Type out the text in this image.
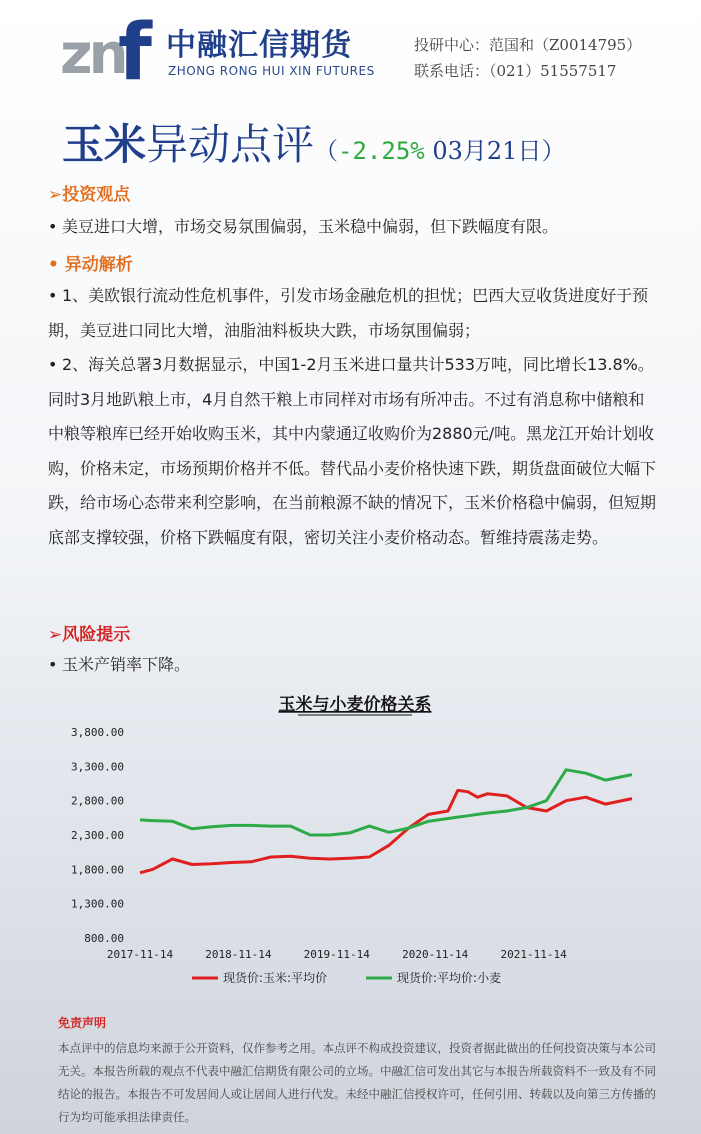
zn
f 中融汇信期货
ZHONG RONG HUI XIN FUTURES
投研中心：范国和（Z0014795）
联系电话：（021）51557517
玉米异动点评（-2.25% 03月21日）
➢投资观点
• 美豆进口大增，市场交易氛围偏弱，玉米稳中偏弱，但下跌幅度有限。
• 异动解析
• 1、美欧银行流动性危机事件，引发市场金融危机的担忧；巴西大豆收货进度好于预期，美豆进口同比大增，油脂油料板块大跌，市场氛围偏弱；
• 2、海关总署3月数据显示，中国1-2月玉米进口量共计533万吨，同比增长13.8%。同时3月地趴粮上市，4月自然干粮上市同样对市场有所冲击。不过有消息称中储粮和中粮等粮库已经开始收购玉米，其中内蒙通辽收购价为2880元/吨。黑龙江开始计划收购，价格未定，市场预期价格并不低。替代品小麦价格快速下跌，期货盘面破位大幅下跌，给市场心态带来利空影响，在当前粮源不缺的情况下，玉米价格稳中偏弱，但短期底部支撑较强，价格下跌幅度有限，密切关注小麦价格动态。暂维持震荡走势。
➢风险提示
• 玉米产销率下降。
玉米与小麦价格关系
3,800.00
3,300.00
2,800.00
2,300.00
1,800.00
1,300.00
800.00
2017-11-14	2018-11-14	2019-11-14	2020-11-14	2021-11-14
现货价:玉米:平均价	现货价:平均价:小麦
免责声明
本点评中的信息均来源于公开资料，仅作参考之用。本点评不构成投资建议，投资者据此做出的任何投资决策与本公司无关。本报告所载的观点不代表中融汇信期货有限公司的立场。中融汇信可发出其它与本报告所载资料不一致及有不同结论的报告。本报告不可发居间人或让居间人进行代发。未经中融汇信授权许可，任何引用、转载以及向第三方传播的行为均可能承担法律责任。
